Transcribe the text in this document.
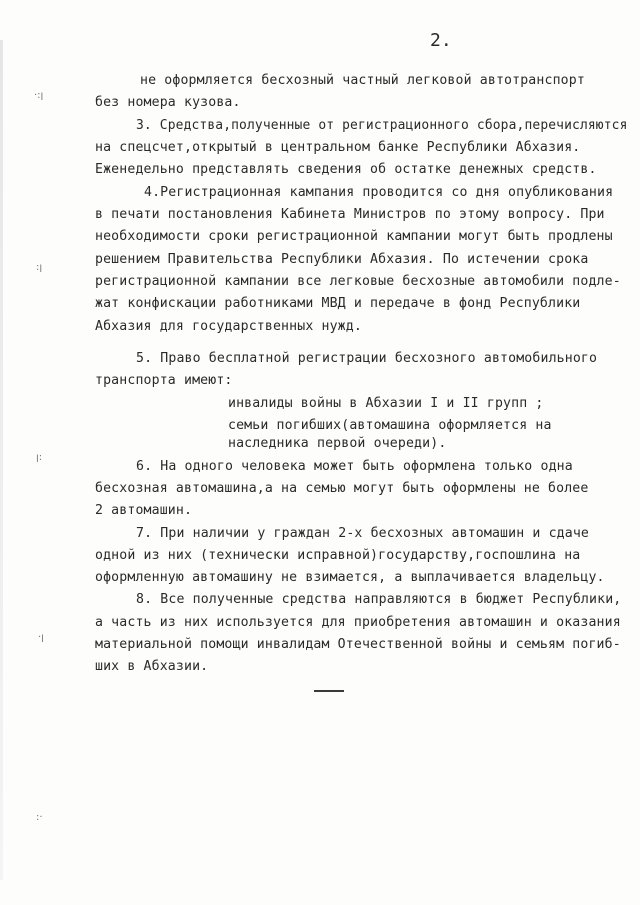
·:ꞁ
:ꞁ
ꞁ:
·ꞁ
:·
2.
не оформляется бесхозный частный легковой автотранспорт
без номера кузова.
3. Средства,полученные от регистрационного сбора,перечисляются
на спецсчет,открытый в центральном банке Республики Абхазия.
Еженедельно представлять сведения об остатке денежных средств.
4.Регистрационная кампания проводится со дня опубликования
в печати постановления Кабинета Министров по этому вопросу. При
необходимости сроки регистрационной кампании могут быть продлены
решением Правительства Республики Абхазия. По истечении срока
регистрационной кампании все легковые бесхозные автомобили подле-
жат конфискации работниками МВД и передаче в фонд Республики
Абхазия для государственных нужд.
5. Право бесплатной регистрации бесхозного автомобильного
транспорта имеют:
инвалиды войны в Абхазии I и II групп ;
семьи погибших(автомашина оформляется на
наследника первой очереди).
6. На одного человека может быть оформлена только одна
бесхозная автомашина,а на семью могут быть оформлены не более
2 автомашин.
7. При наличии у граждан 2-х бесхозных автомашин и сдаче
одной из них (технически исправной)государству,госпошлина на
оформленную автомашину не взимается, а выплачивается владельцу.
8. Все полученные средства направляются в бюджет Республики,
а часть из них используется для приобретения автомашин и оказания
материальной помощи инвалидам Отечественной войны и семьям погиб-
ших в Абхазии.
